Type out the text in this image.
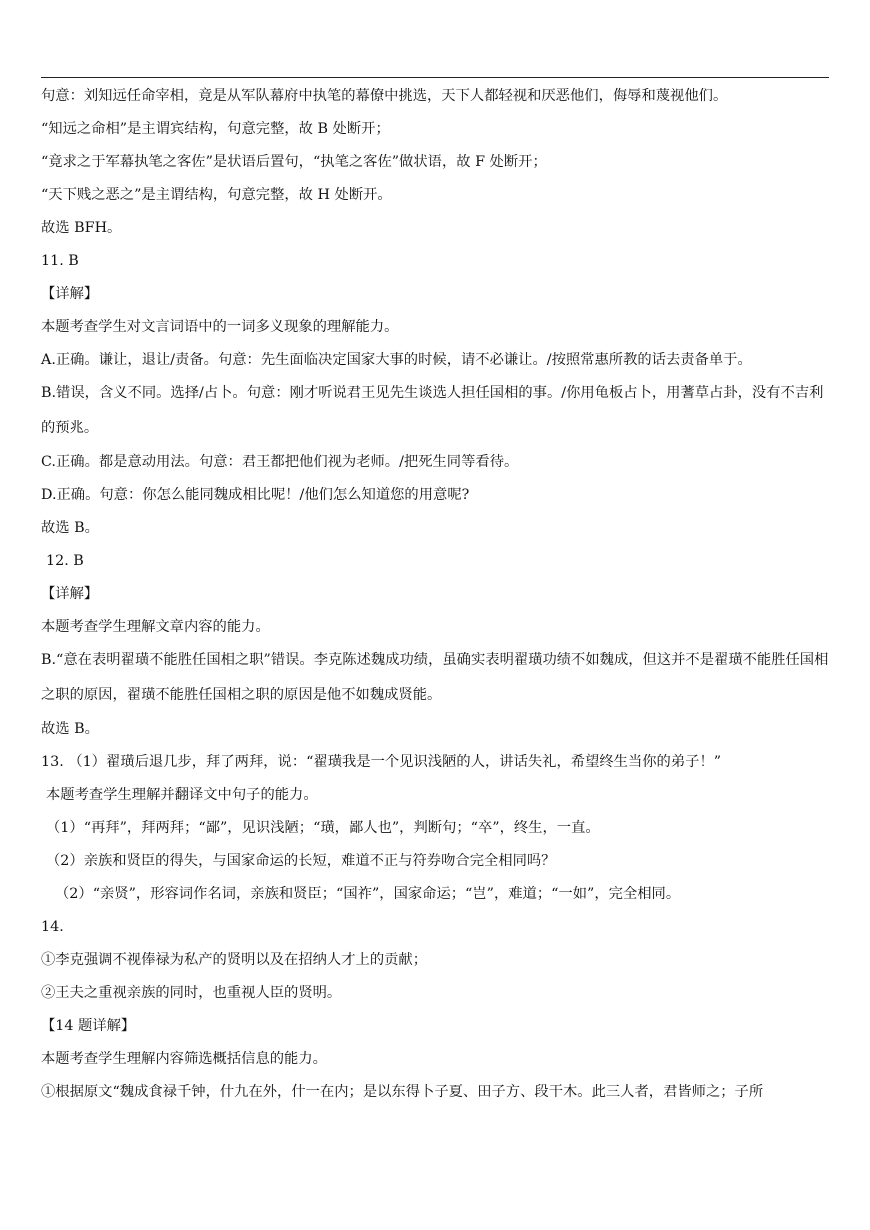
句意：刘知远任命宰相，竟是从军队幕府中执笔的幕僚中挑选，天下人都轻视和厌恶他们，侮辱和蔑视他们。

“知远之命相”是主谓宾结构，句意完整，故 B 处断开；

“竟求之于军幕执笔之客佐”是状语后置句，“执笔之客佐”做状语，故 F 处断开；

“天下贱之恶之”是主谓结构，句意完整，故 H 处断开。

故选 BFH。

11. B

【详解】

本题考查学生对文言词语中的一词多义现象的理解能力。

A.正确。谦让，退让/责备。句意：先生面临决定国家大事的时候，请不必谦让。/按照常惠所教的话去责备单于。

B.错误，含义不同。选择/占卜。句意：刚才听说君王见先生谈选人担任国相的事。/你用龟板占卜，用蓍草占卦，没有不吉利的预兆。

C.正确。都是意动用法。句意：君王都把他们视为老师。/把死生同等看待。

D.正确。句意：你怎么能同魏成相比呢！/他们怎么知道您的用意呢?

故选 B。

12. B

【详解】

本题考查学生理解文章内容的能力。

B.“意在表明翟璜不能胜任国相之职”错误。李克陈述魏成功绩，虽确实表明翟璜功绩不如魏成，但这并不是翟璜不能胜任国相之职的原因，翟璜不能胜任国相之职的原因是他不如魏成贤能。

故选 B。

13. （1）翟璜后退几步，拜了两拜，说：“翟璜我是一个见识浅陋的人，讲话失礼，希望终生当你的弟子！”

本题考查学生理解并翻译文中句子的能力。

（1）“再拜”，拜两拜；“鄙”，见识浅陋；“璜，鄙人也”，判断句；“卒”，终生，一直。

（2）亲族和贤臣的得失，与国家命运的长短，难道不正与符券吻合完全相同吗？

（2）“亲贤”，形容词作名词，亲族和贤臣；“国祚”，国家命运；“岂”，难道；“一如”，完全相同。

14.

①李克强调不视俸禄为私产的贤明以及在招纳人才上的贡献；

②王夫之重视亲族的同时，也重视人臣的贤明。

【14 题详解】

本题考查学生理解内容筛选概括信息的能力。

①根据原文“魏成食禄千钟，什九在外，什一在内；是以东得卜子夏、田子方、段干木。此三人者，君皆师之；子所
